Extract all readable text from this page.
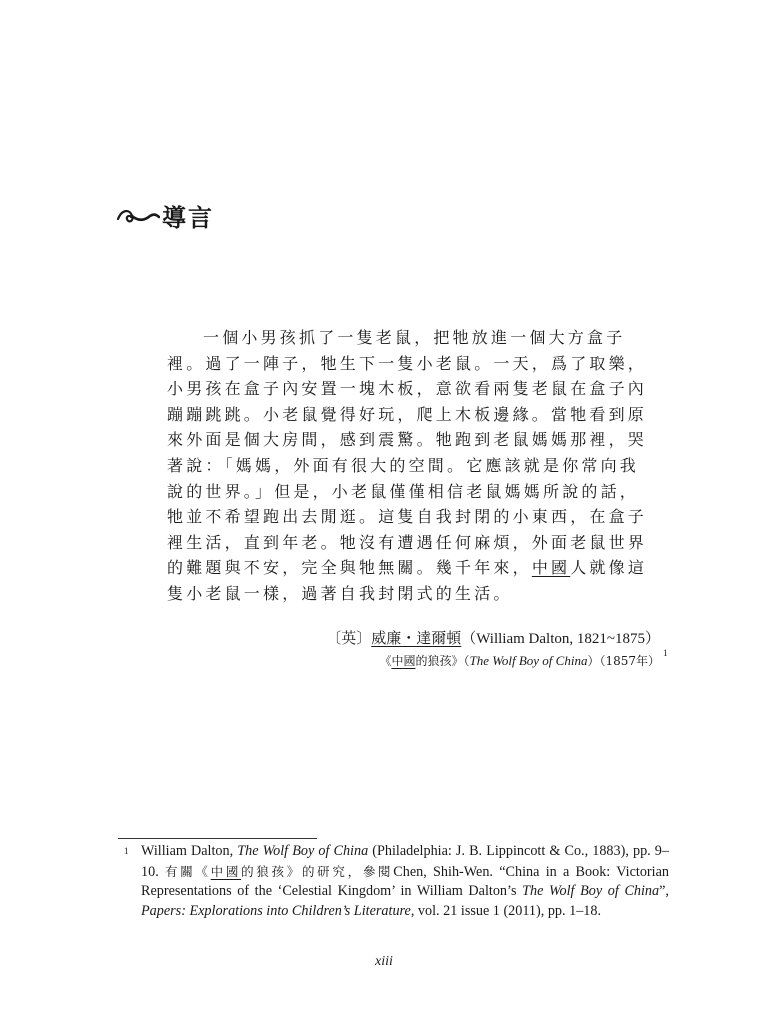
導言
一個小男孩抓了一隻老鼠，把牠放進一個大方盒子
裡。過了一陣子，牠生下一隻小老鼠。一天，爲了取樂，
小男孩在盒子內安置一塊木板，意欲看兩隻老鼠在盒子內
蹦蹦跳跳。小老鼠覺得好玩，爬上木板邊緣。當牠看到原
來外面是個大房間，感到震驚。牠跑到老鼠媽媽那裡，哭
著說：「媽媽，外面有很大的空間。它應該就是你常向我
說的世界。」但是，小老鼠僅僅相信老鼠媽媽所說的話，
牠並不希望跑出去閒逛。這隻自我封閉的小東西，在盒子
裡生活，直到年老。牠沒有遭遇任何麻煩，外面老鼠世界
的難題與不安，完全與牠無關。幾千年來，中國人就像這
隻小老鼠一樣，過著自我封閉式的生活。
〔英〕威廉・達爾頓（William Dalton, 1821~1875）
《中國的狼孩》（The Wolf Boy of China）（1857年）
1
1 William Dalton, The Wolf Boy of China (Philadelphia: J. B. Lippincott & Co., 1883), pp. 9–10. 有關《中國的狼孩》的研究，參閱Chen, Shih-Wen. “China in a Book: Victorian Representations of the ‘Celestial Kingdom’ in William Dalton’s The Wolf Boy of China”, Papers: Explorations into Children’s Literature, vol. 21 issue 1 (2011), pp. 1–18.
xiii
